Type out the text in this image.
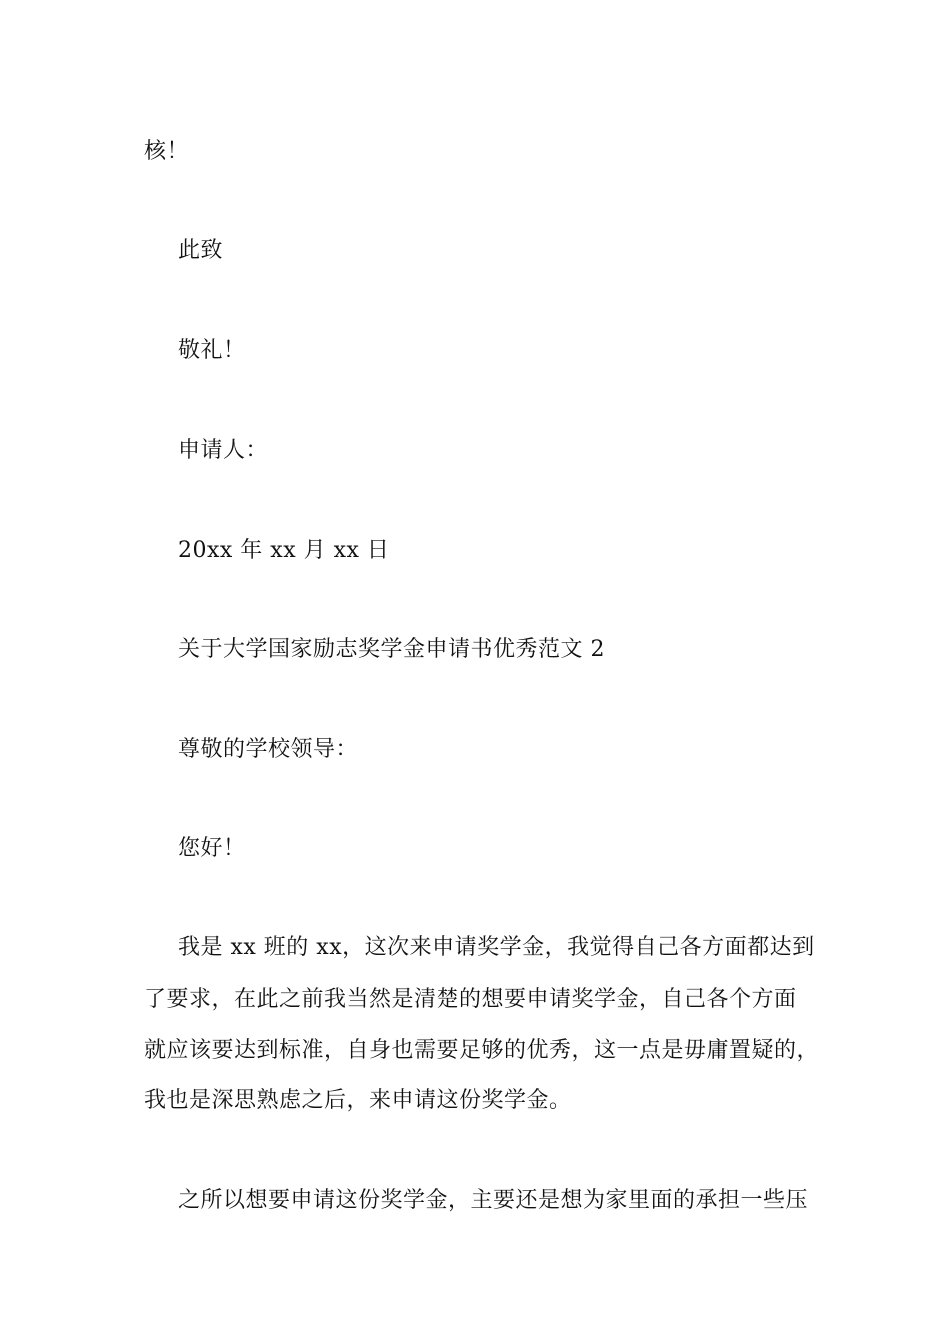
核！
此致
敬礼！
申请人：
20xx 年 xx 月 xx 日
关于大学国家励志奖学金申请书优秀范文 2
尊敬的学校领导：
您好！
我是 xx 班的 xx，这次来申请奖学金，我觉得自己各方面都达到
了要求，在此之前我当然是清楚的想要申请奖学金，自己各个方面
就应该要达到标准，自身也需要足够的优秀，这一点是毋庸置疑的，
我也是深思熟虑之后，来申请这份奖学金。
之所以想要申请这份奖学金，主要还是想为家里面的承担一些压
